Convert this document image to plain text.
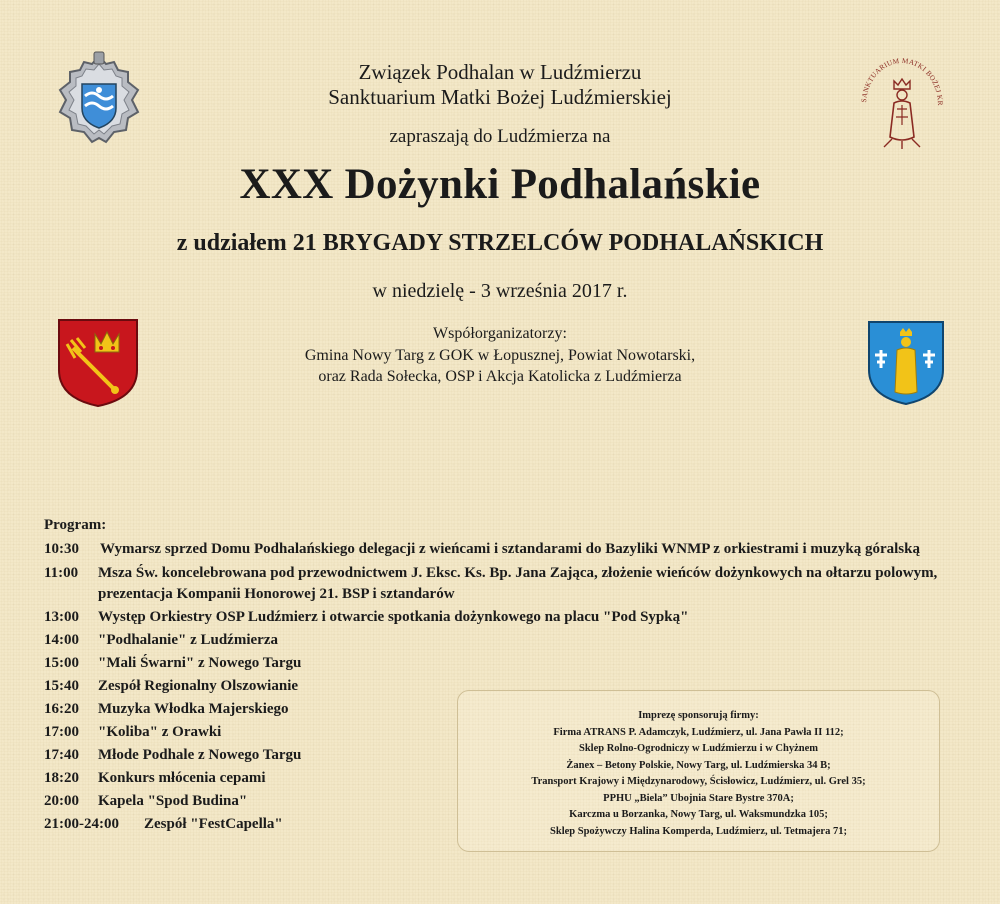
SANKTUARIUM MATKI BOŻEJ KR
Związek Podhalan w Ludźmierzu
Sanktuarium Matki Bożej Ludźmierskiej
zapraszają do Ludźmierza na
XXX Dożynki Podhalańskie
z udziałem 21 BRYGADY STRZELCÓW PODHALAŃSKICH
w niedzielę - 3 września 2017 r.
Współorganizatorzy:
Gmina Nowy Targ z GOK w Łopusznej, Powiat Nowotarski,
oraz Rada Sołecka, OSP i Akcja Katolicka z Ludźmierza
Program:
10:30 Wymarsz sprzed Domu Podhalańskiego delegacji z wieńcami i sztandarami do Bazyliki WNMP z orkiestrami i muzyką góralską
11:00 Msza Św. koncelebrowana pod przewodnictwem J. Eksc. Ks. Bp. Jana Zająca, złożenie wieńców dożynkowych na ołtarzu polowym,
prezentacja Kompanii Honorowej 21. BSP i sztandarów
13:00 Występ Orkiestry OSP Ludźmierz i otwarcie spotkania dożynkowego na placu "Pod Sypką"
14:00 "Podhalanie" z Ludźmierza
15:00 "Mali Śwarni" z Nowego Targu
15:40 Zespół Regionalny Olszowianie
16:20 Muzyka Włodka Majerskiego
17:00 "Koliba" z Orawki
17:40 Młode Podhale z Nowego Targu
18:20 Konkurs młócenia cepami
20:00 Kapela "Spod Budina"
21:00-24:00 Zespół "FestCapella"
Imprezę sponsorują firmy:
Firma ATRANS P. Adamczyk, Ludźmierz, ul. Jana Pawła II 112;
Sklep Rolno-Ogrodniczy w Ludźmierzu i w Chyżnem
Żanex – Betony Polskie, Nowy Targ, ul. Ludźmierska 34 B;
Transport Krajowy i Międzynarodowy, Ścisłowicz, Ludźmierz, ul. Grel 35;
PPHU „Biela” Ubojnia Stare Bystre 370A;
Karczma u Borzanka, Nowy Targ, ul. Waksmundzka 105;
Sklep Spożywczy Halina Komperda, Ludźmierz, ul. Tetmajera 71;
